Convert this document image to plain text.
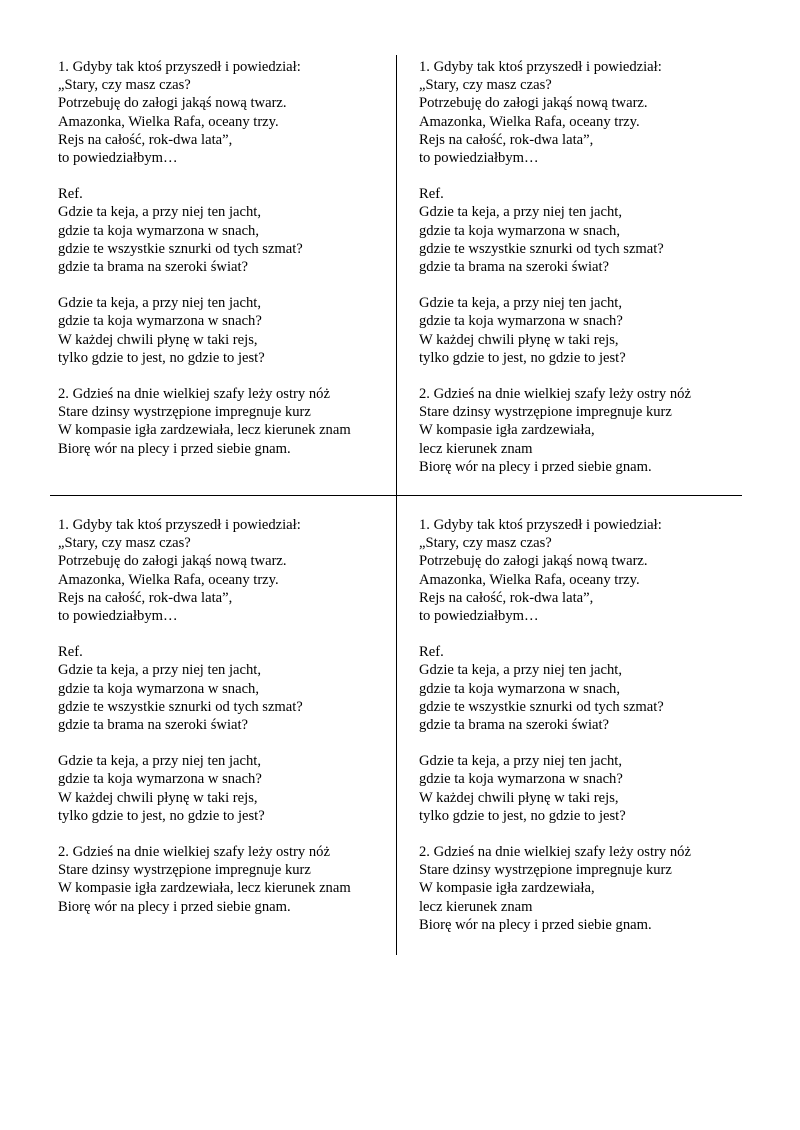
1. Gdyby tak ktoś przyszedł i powiedział:
„Stary, czy masz czas?
Potrzebuję do załogi jakąś nową twarz.
Amazonka, Wielka Rafa, oceany trzy.
Rejs na całość, rok-dwa lata”,
to powiedziałbym…
Ref.
Gdzie ta keja, a przy niej ten jacht,
gdzie ta koja wymarzona w snach,
gdzie te wszystkie sznurki od tych szmat?
gdzie ta brama na szeroki świat?
Gdzie ta keja, a przy niej ten jacht,
gdzie ta koja wymarzona w snach?
W każdej chwili płynę w taki rejs,
tylko gdzie to jest, no gdzie to jest?
2. Gdzieś na dnie wielkiej szafy leży ostry nóż
Stare dzinsy wystrzępione impregnuje kurz
W kompasie igła zardzewiała, lecz kierunek znam
Biorę wór na plecy i przed siebie gnam.
1. Gdyby tak ktoś przyszedł i powiedział:
„Stary, czy masz czas?
Potrzebuję do załogi jakąś nową twarz.
Amazonka, Wielka Rafa, oceany trzy.
Rejs na całość, rok-dwa lata”,
to powiedziałbym…
Ref.
Gdzie ta keja, a przy niej ten jacht,
gdzie ta koja wymarzona w snach,
gdzie te wszystkie sznurki od tych szmat?
gdzie ta brama na szeroki świat?
Gdzie ta keja, a przy niej ten jacht,
gdzie ta koja wymarzona w snach?
W każdej chwili płynę w taki rejs,
tylko gdzie to jest, no gdzie to jest?
2. Gdzieś na dnie wielkiej szafy leży ostry nóż
Stare dzinsy wystrzępione impregnuje kurz
W kompasie igła zardzewiała,
lecz kierunek znam
Biorę wór na plecy i przed siebie gnam.
1. Gdyby tak ktoś przyszedł i powiedział:
„Stary, czy masz czas?
Potrzebuję do załogi jakąś nową twarz.
Amazonka, Wielka Rafa, oceany trzy.
Rejs na całość, rok-dwa lata”,
to powiedziałbym…
Ref.
Gdzie ta keja, a przy niej ten jacht,
gdzie ta koja wymarzona w snach,
gdzie te wszystkie sznurki od tych szmat?
gdzie ta brama na szeroki świat?
Gdzie ta keja, a przy niej ten jacht,
gdzie ta koja wymarzona w snach?
W każdej chwili płynę w taki rejs,
tylko gdzie to jest, no gdzie to jest?
2. Gdzieś na dnie wielkiej szafy leży ostry nóż
Stare dzinsy wystrzępione impregnuje kurz
W kompasie igła zardzewiała, lecz kierunek znam
Biorę wór na plecy i przed siebie gnam.
1. Gdyby tak ktoś przyszedł i powiedział:
„Stary, czy masz czas?
Potrzebuję do załogi jakąś nową twarz.
Amazonka, Wielka Rafa, oceany trzy.
Rejs na całość, rok-dwa lata”,
to powiedziałbym…
Ref.
Gdzie ta keja, a przy niej ten jacht,
gdzie ta koja wymarzona w snach,
gdzie te wszystkie sznurki od tych szmat?
gdzie ta brama na szeroki świat?
Gdzie ta keja, a przy niej ten jacht,
gdzie ta koja wymarzona w snach?
W każdej chwili płynę w taki rejs,
tylko gdzie to jest, no gdzie to jest?
2. Gdzieś na dnie wielkiej szafy leży ostry nóż
Stare dzinsy wystrzępione impregnuje kurz
W kompasie igła zardzewiała,
lecz kierunek znam
Biorę wór na plecy i przed siebie gnam.
